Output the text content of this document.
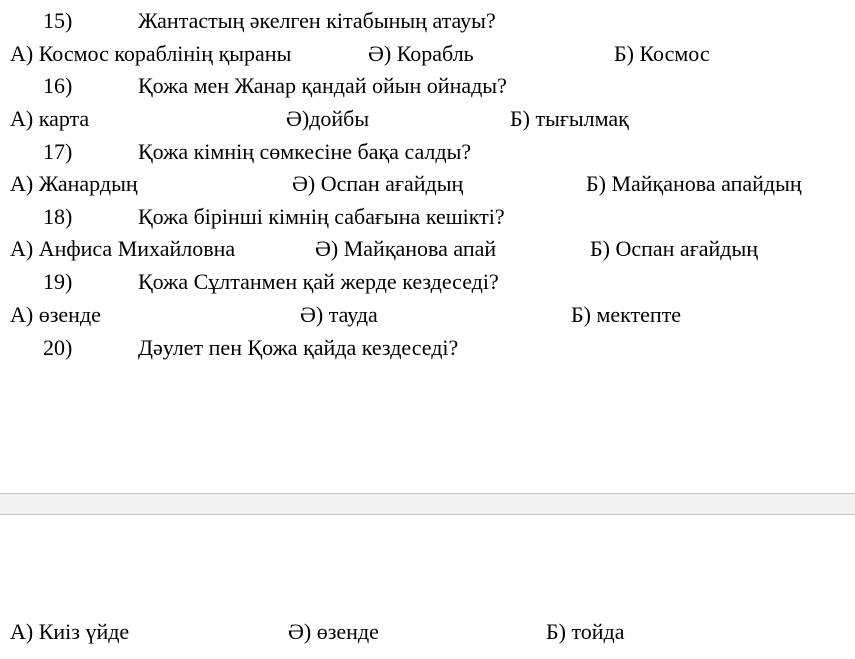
15)	Жантастың әкелген кітабының атауы?
А) Космос кораблінің қыраны	Ә) Корабль	Б) Космос
16)	Қожа мен Жанар қандай ойын ойнады?
А) карта	Ә)дойбы	Б) тығылмақ
17)	Қожа кімнің сөмкесіне бақа салды?
А) Жанардың	Ә) Оспан ағайдың	Б) Майқанова апайдың
18)	Қожа бірінші кімнің сабағына кешікті?
А) Анфиса Михайловна	Ә) Майқанова апай	Б) Оспан ағайдың
19)	Қожа Сұлтанмен қай жерде кездеседі?
А) өзенде	Ә) тауда	Б) мектепте
20)	Дәулет пен Қожа қайда кездеседі?
А) Киіз үйде	Ә) өзенде	Б) тойда
